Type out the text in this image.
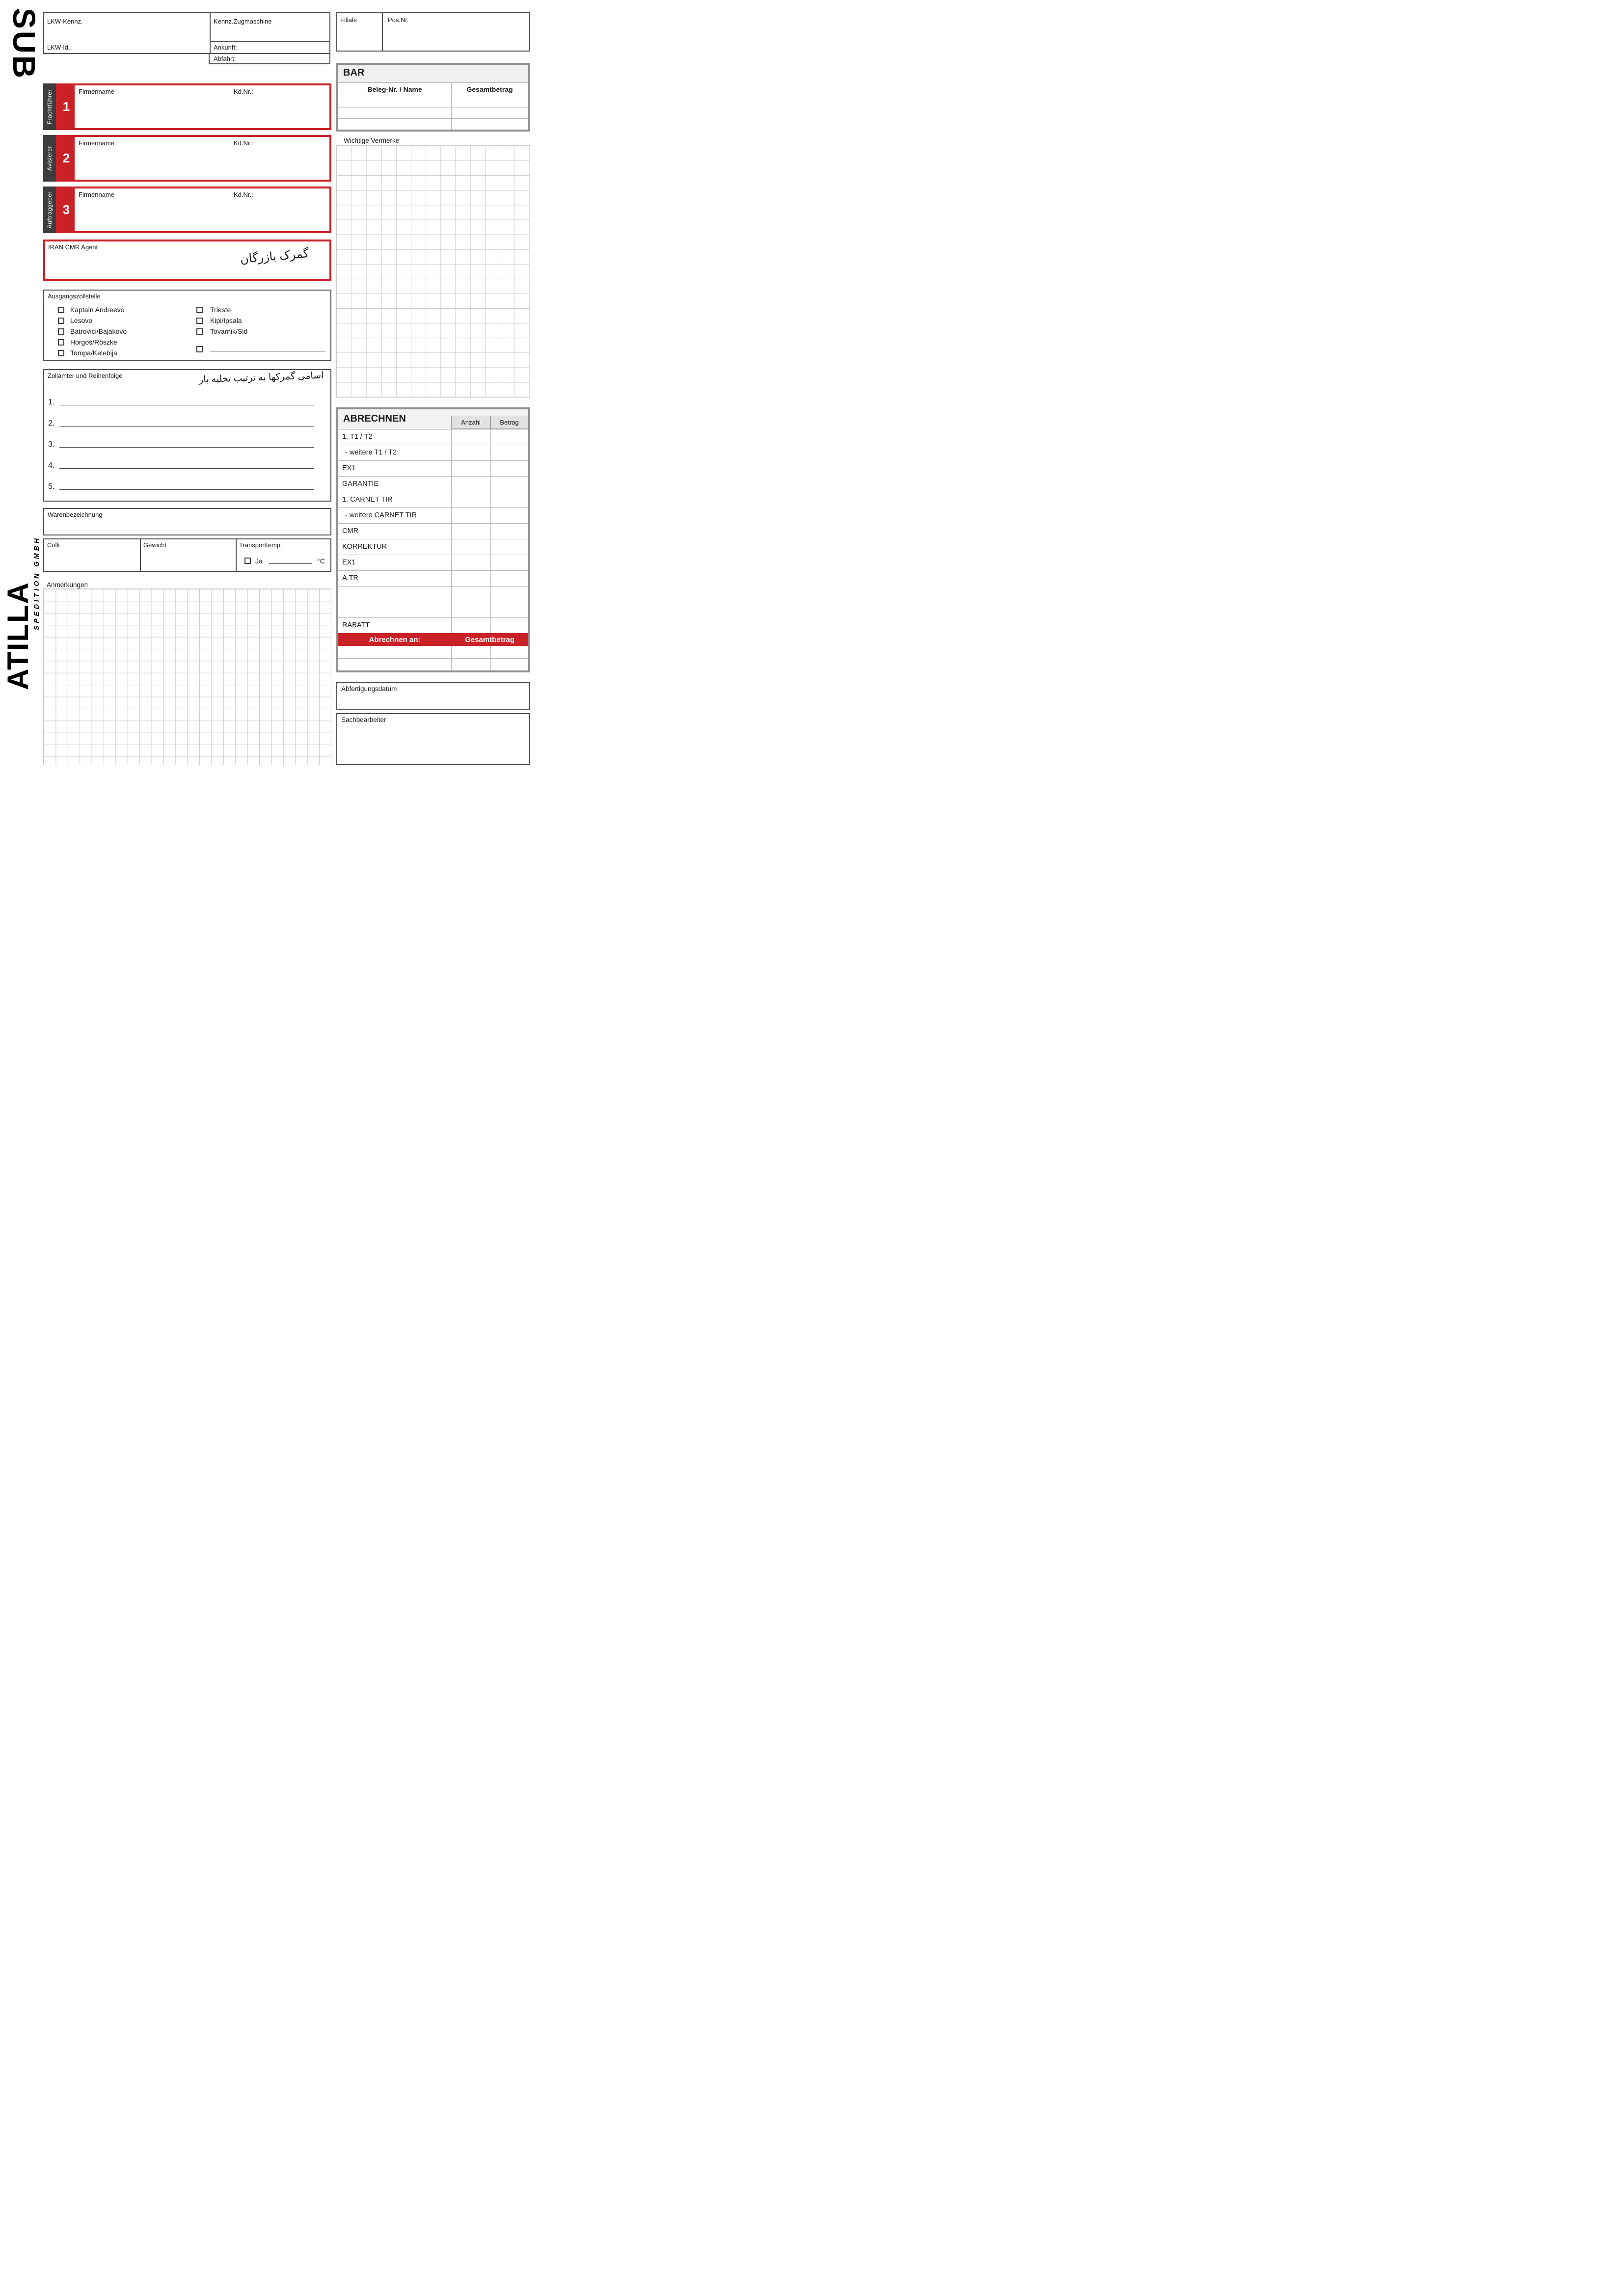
SUB
ATILLA
SPEDITION GMBH
LKW-Kennz.	Kennz.Zugmaschine
LKW-Id.:	Ankunft:
Abfahrt:
Filiale	Pos.Nr.
BAR
Beleg-Nr. / Name	Gesamtbetrag
Frachtführer 1
Firmenname	Kd.Nr.:
Avisierer 2
Firmenname	Kd.Nr.:
Auftraggeber 3
Firmenname	Kd.Nr.:
IRAN CMR Agent	گمرک بازرگان
Wichtige Vermerke
Ausgangszollstelle
Kaptain Andreevo
Lesovo
Batrovici/Bajakovo
Horgos/Röszke
Tompa/Kelebija
Trieste
Kipi/Ipsala
Tovarnik/Sid
Zollämter und Reihenfolge	اسامی گمرکها به ترتیب تخلیه بار
1.
2.
3.
4.
5.
Warenbezeichnung
Colli	Gewicht	Transporttemp.
Ja	°C
Anmerkungen
ABRECHNEN	Anzahl	Betrag
1. T1 / T2
- weitere T1 / T2
EX1
GARANTIE
1. CARNET TIR
- weitere CARNET TIR
CMR
KORREKTUR
EX1
A.TR
RABATT
Abrechnen an:	Gesamtbetrag
Abfertigungsdatum
Sachbearbeiter
